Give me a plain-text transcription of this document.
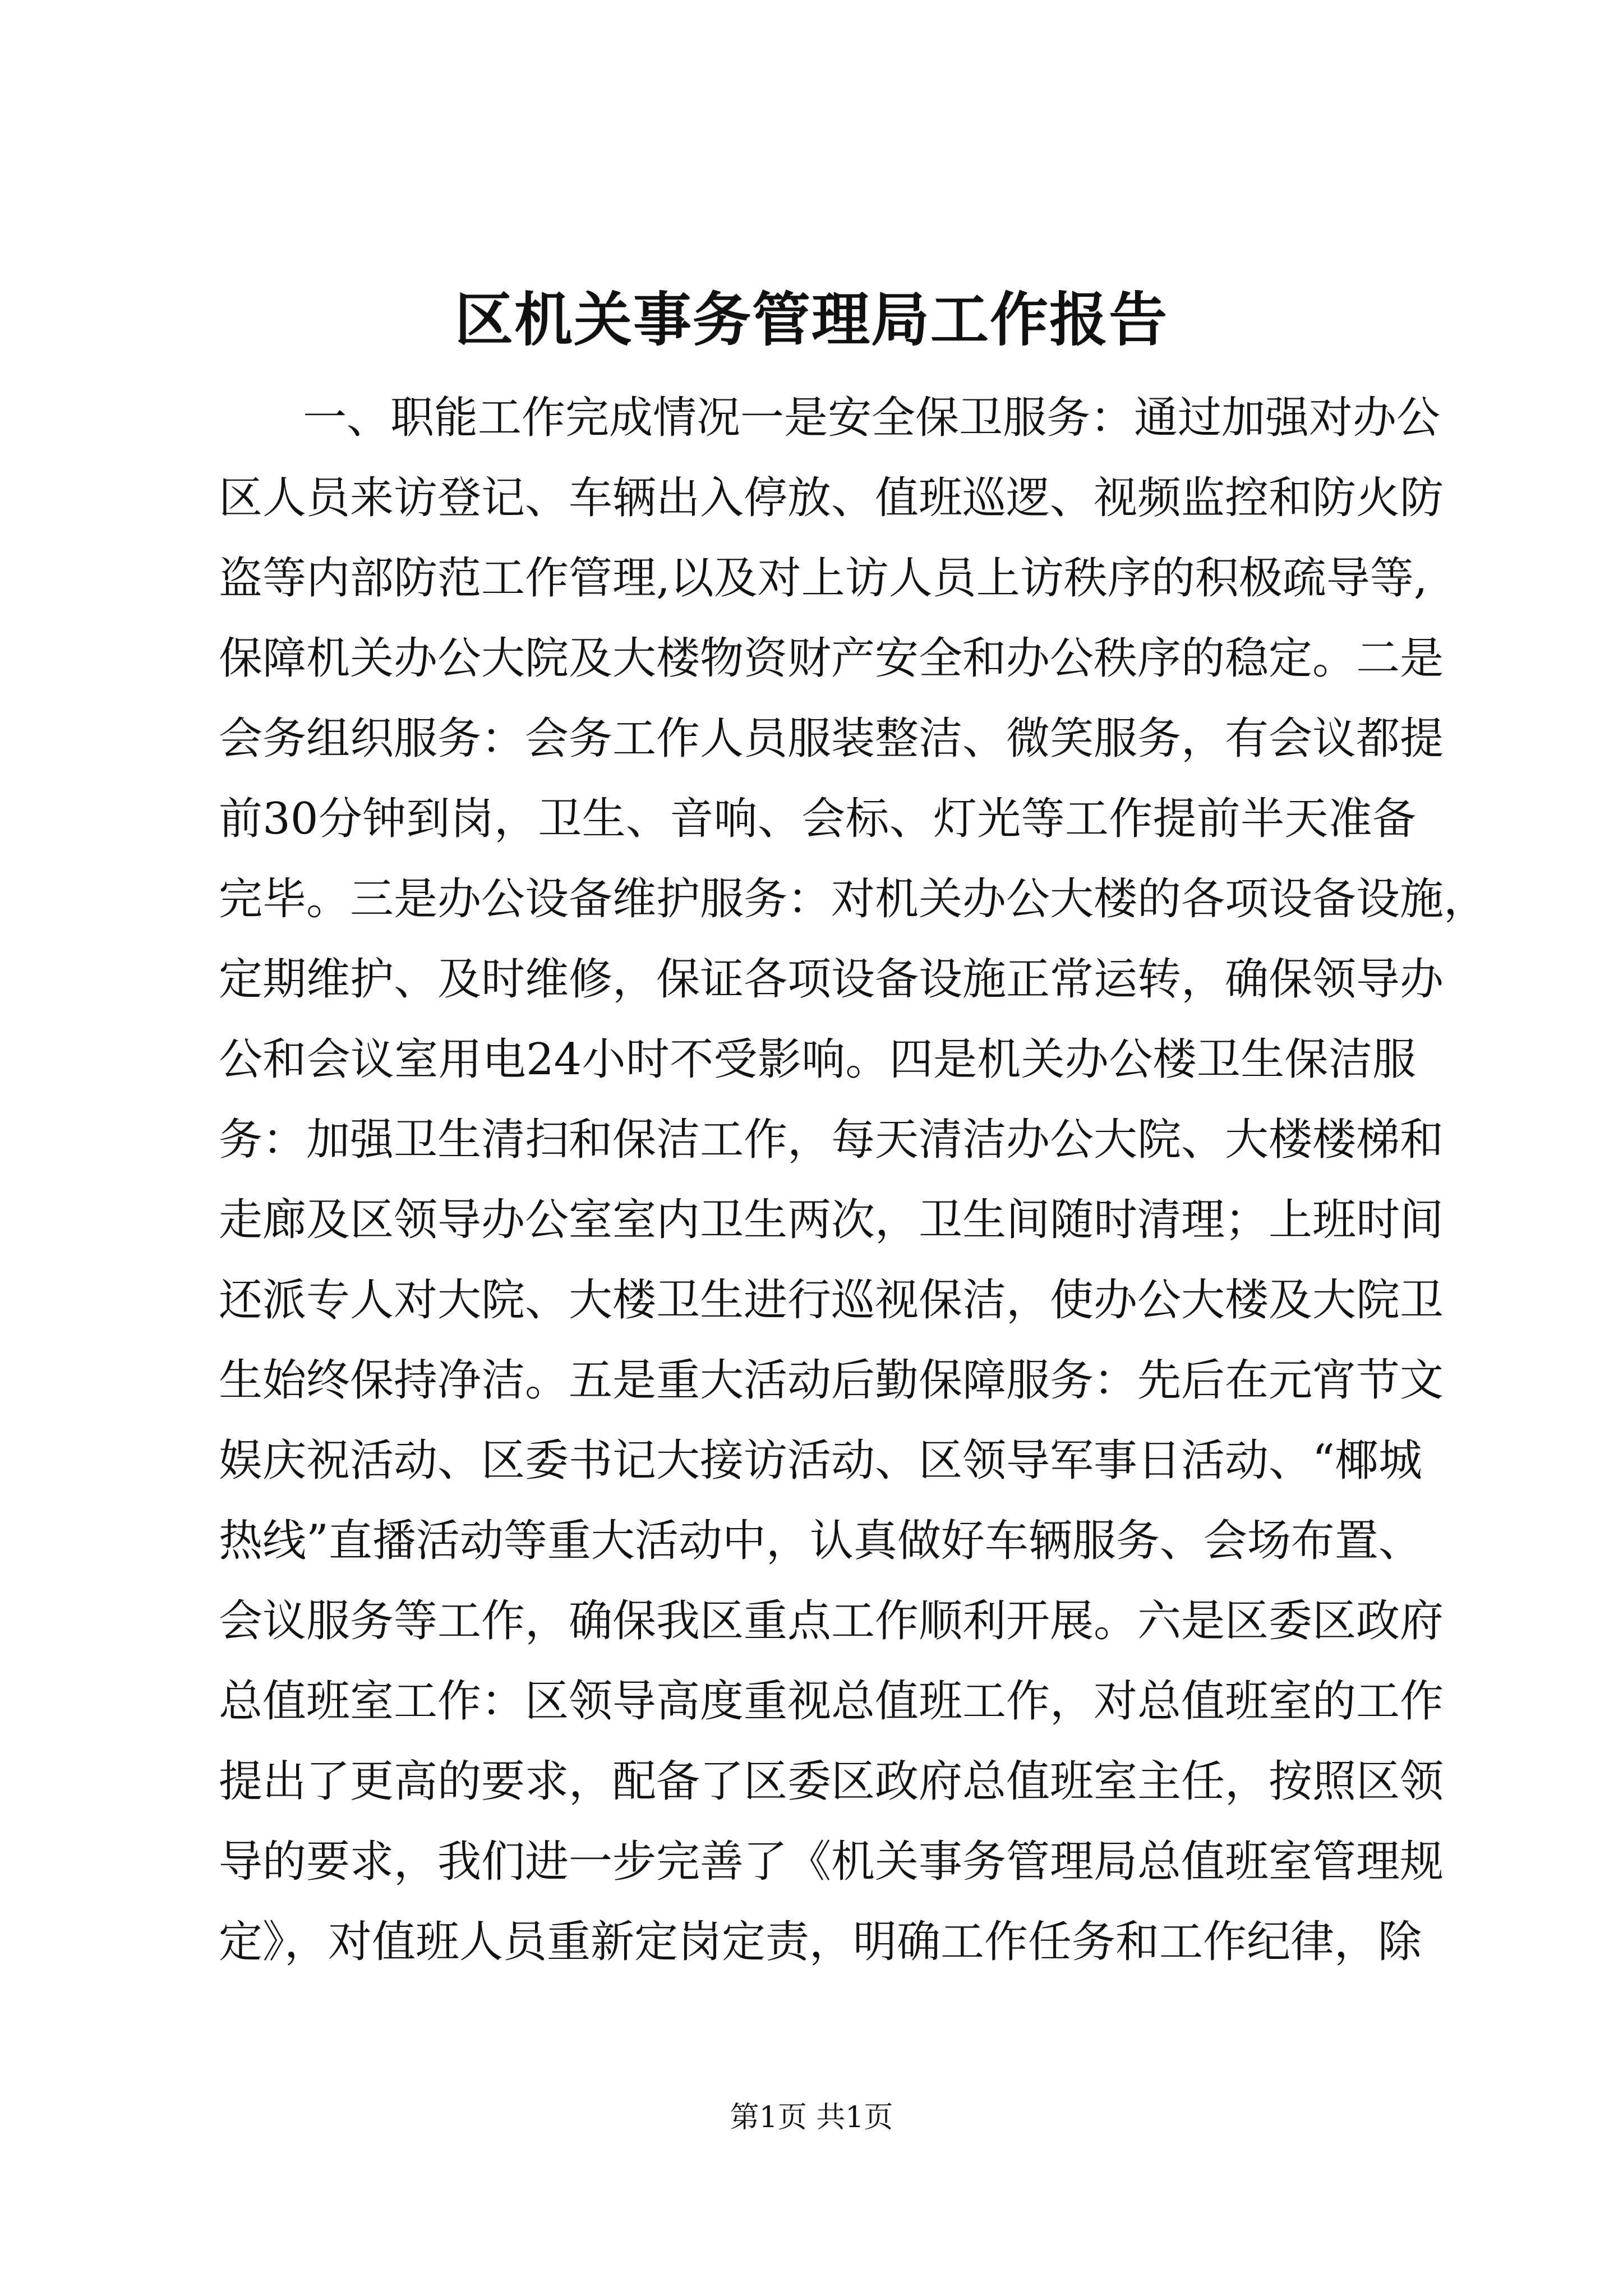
区机关事务管理局工作报告
一、职能工作完成情况一是安全保卫服务：通过加强对办公
区人员来访登记、车辆出入停放、值班巡逻、视频监控和防火防
盗等内部防范工作管理,以及对上访人员上访秩序的积极疏导等,
保障机关办公大院及大楼物资财产安全和办公秩序的稳定。二是
会务组织服务：会务工作人员服装整洁、微笑服务，有会议都提
前30分钟到岗，卫生、音响、会标、灯光等工作提前半天准备
完毕。三是办公设备维护服务：对机关办公大楼的各项设备设施，
定期维护、及时维修，保证各项设备设施正常运转，确保领导办
公和会议室用电24小时不受影响。四是机关办公楼卫生保洁服
务：加强卫生清扫和保洁工作，每天清洁办公大院、大楼楼梯和
走廊及区领导办公室室内卫生两次，卫生间随时清理；上班时间
还派专人对大院、大楼卫生进行巡视保洁，使办公大楼及大院卫
生始终保持净洁。五是重大活动后勤保障服务：先后在元宵节文
娱庆祝活动、区委书记大接访活动、区领导军事日活动、“椰城
热线”直播活动等重大活动中，认真做好车辆服务、会场布置、
会议服务等工作，确保我区重点工作顺利开展。六是区委区政府
总值班室工作：区领导高度重视总值班工作，对总值班室的工作
提出了更高的要求，配备了区委区政府总值班室主任，按照区领
导的要求，我们进一步完善了《机关事务管理局总值班室管理规
定》，对值班人员重新定岗定责，明确工作任务和工作纪律，除
第1页 共1页
